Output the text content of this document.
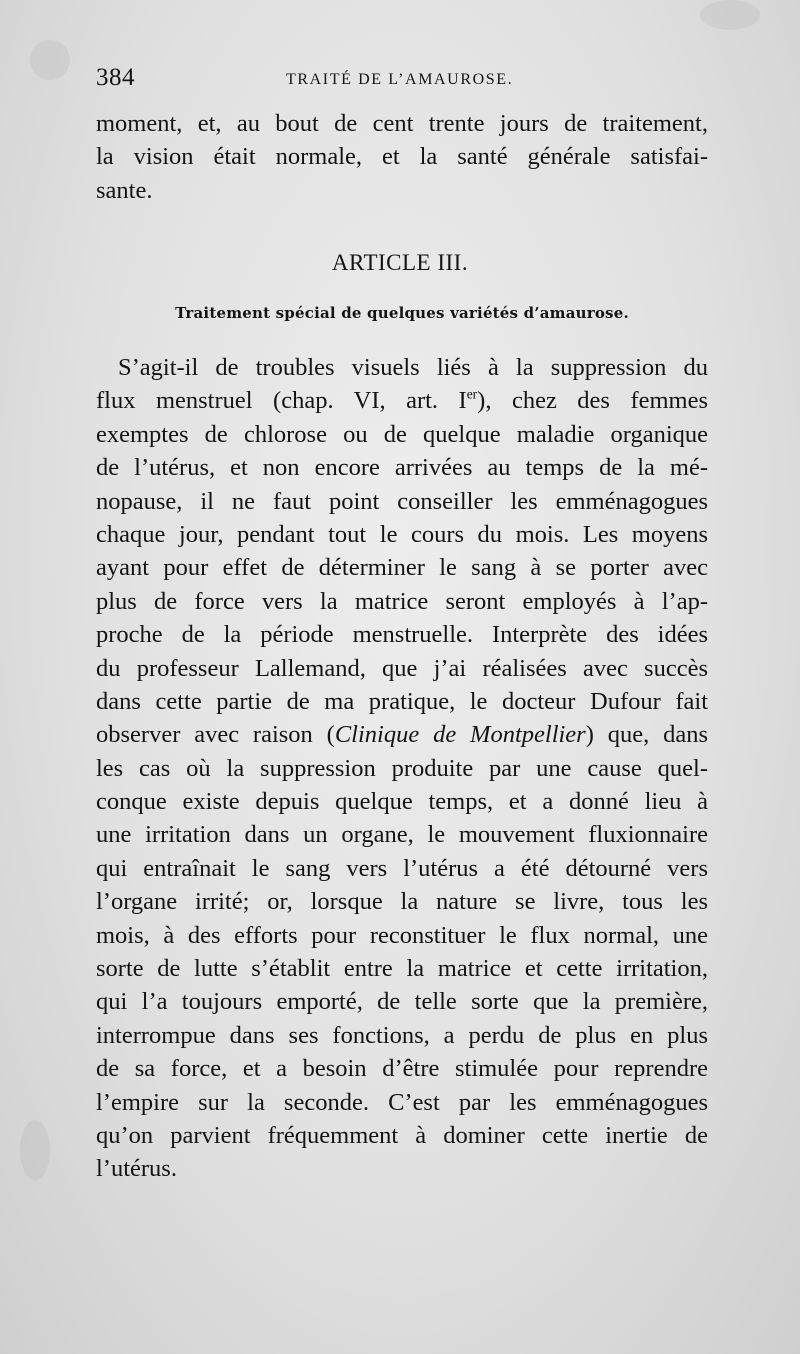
384	TRAITÉ DE L’AMAUROSE.
moment, et, au bout de cent trente jours de traitement,
la vision était normale, et la santé générale satisfai-
sante.
ARTICLE III.
Traitement spécial de quelques variétés d’amaurose.
S’agit-il de troubles visuels liés à la suppression du
flux menstruel (chap. VI, art. Ier), chez des femmes
exemptes de chlorose ou de quelque maladie organique
de l’utérus, et non encore arrivées au temps de la mé-
nopause, il ne faut point conseiller les emménagogues
chaque jour, pendant tout le cours du mois. Les moyens
ayant pour effet de déterminer le sang à se porter avec
plus de force vers la matrice seront employés à l’ap-
proche de la période menstruelle. Interprète des idées
du professeur Lallemand, que j’ai réalisées avec succès
dans cette partie de ma pratique, le docteur Dufour fait
observer avec raison (Clinique de Montpellier) que, dans
les cas où la suppression produite par une cause quel-
conque existe depuis quelque temps, et a donné lieu à
une irritation dans un organe, le mouvement fluxionnaire
qui entraînait le sang vers l’utérus a été détourné vers
l’organe irrité; or, lorsque la nature se livre, tous les
mois, à des efforts pour reconstituer le flux normal, une
sorte de lutte s’établit entre la matrice et cette irritation,
qui l’a toujours emporté, de telle sorte que la première,
interrompue dans ses fonctions, a perdu de plus en plus
de sa force, et a besoin d’être stimulée pour reprendre
l’empire sur la seconde. C’est par les emménagogues
qu’on parvient fréquemment à dominer cette inertie de
l’utérus.
